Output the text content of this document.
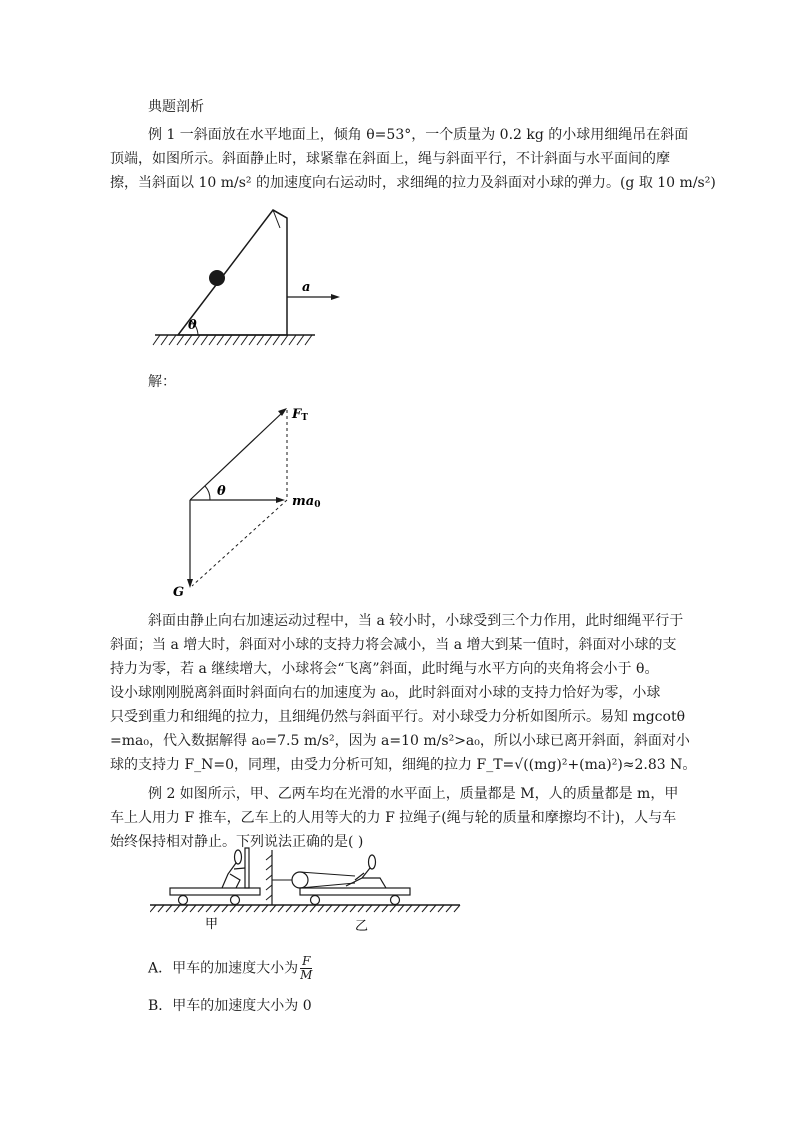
典题剖析
例 1 一斜面放在水平地面上，倾角 θ=53°，一个质量为 0.2 kg 的小球用细绳吊在斜面
顶端，如图所示。斜面静止时，球紧靠在斜面上，绳与斜面平行，不计斜面与水平面间的摩
擦，当斜面以 10 m/s² 的加速度向右运动时，求细绳的拉力及斜面对小球的弹力。(g 取 10 m/s²)
θ
a
解：
θ
FT
ma0
G
斜面由静止向右加速运动过程中，当 a 较小时，小球受到三个力作用，此时细绳平行于
斜面；当 a 增大时，斜面对小球的支持力将会减小，当 a 增大到某一值时，斜面对小球的支
持力为零，若 a 继续增大，小球将会“飞离”斜面，此时绳与水平方向的夹角将会小于 θ。
设小球刚刚脱离斜面时斜面向右的加速度为 a₀，此时斜面对小球的支持力恰好为零，小球
只受到重力和细绳的拉力，且细绳仍然与斜面平行。对小球受力分析如图所示。易知 mgcotθ
=ma₀，代入数据解得 a₀=7.5 m/s²，因为 a=10 m/s²>a₀，所以小球已离开斜面，斜面对小
球的支持力 F_N=0，同理，由受力分析可知，细绳的拉力 F_T=√((mg)²+(ma)²)≈2.83 N。
例 2 如图所示，甲、乙两车均在光滑的水平面上，质量都是 M，人的质量都是 m，甲
车上人用力 F 推车，乙车上的人用等大的力 F 拉绳子(绳与轮的质量和摩擦均不计)，人与车
始终保持相对静止。下列说法正确的是( )
甲	乙
A．甲车的加速度大小为 $\frac{F}{M}$
B．甲车的加速度大小为 0
